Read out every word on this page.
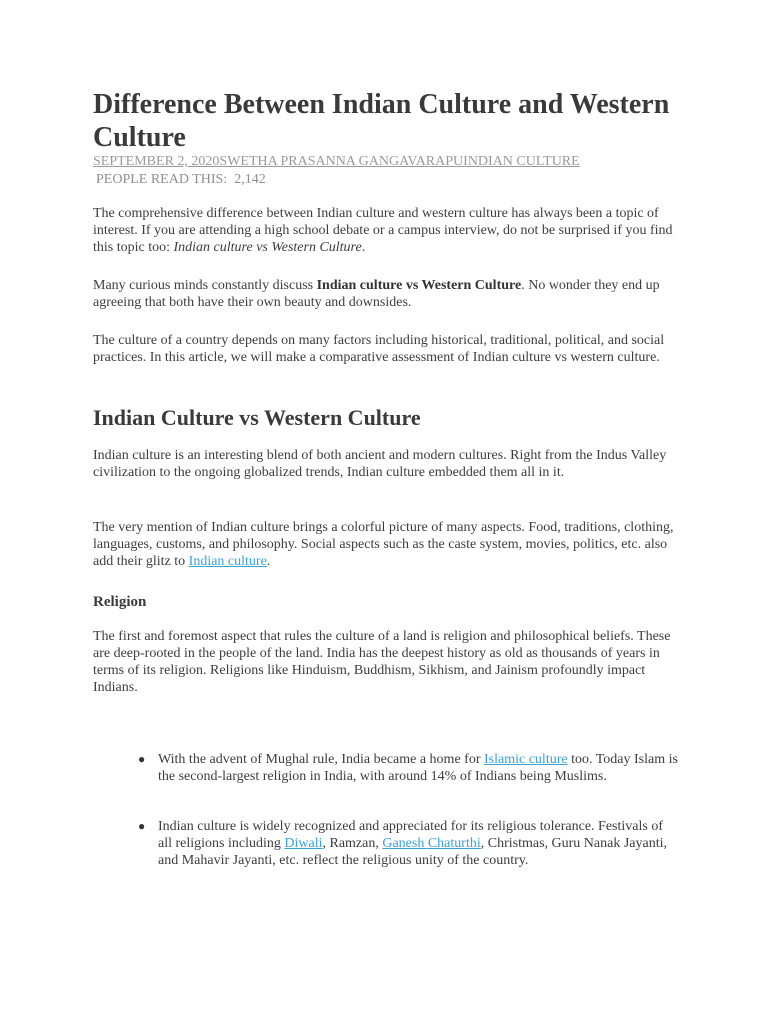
Difference Between Indian Culture and Western Culture
SEPTEMBER 2, 2020SWETHA PRASANNA GANGAVARAPUINDIAN CULTURE
PEOPLE READ THIS: 2,142

The comprehensive difference between Indian culture and western culture has always been a topic of interest. If you are attending a high school debate or a campus interview, do not be surprised if you find this topic too: Indian culture vs Western Culture.

Many curious minds constantly discuss Indian culture vs Western Culture. No wonder they end up agreeing that both have their own beauty and downsides.

The culture of a country depends on many factors including historical, traditional, political, and social practices. In this article, we will make a comparative assessment of Indian culture vs western culture.

Indian Culture vs Western Culture

Indian culture is an interesting blend of both ancient and modern cultures. Right from the Indus Valley civilization to the ongoing globalized trends, Indian culture embedded them all in it.

The very mention of Indian culture brings a colorful picture of many aspects. Food, traditions, clothing, languages, customs, and philosophy. Social aspects such as the caste system, movies, politics, etc. also add their glitz to Indian culture.

Religion

The first and foremost aspect that rules the culture of a land is religion and philosophical beliefs. These are deep-rooted in the people of the land. India has the deepest history as old as thousands of years in terms of its religion. Religions like Hinduism, Buddhism, Sikhism, and Jainism profoundly impact Indians.

● With the advent of Mughal rule, India became a home for Islamic culture too. Today Islam is the second-largest religion in India, with around 14% of Indians being Muslims.
● Indian culture is widely recognized and appreciated for its religious tolerance. Festivals of all religions including Diwali, Ramzan, Ganesh Chaturthi, Christmas, Guru Nanak Jayanti, and Mahavir Jayanti, etc. reflect the religious unity of the country.
